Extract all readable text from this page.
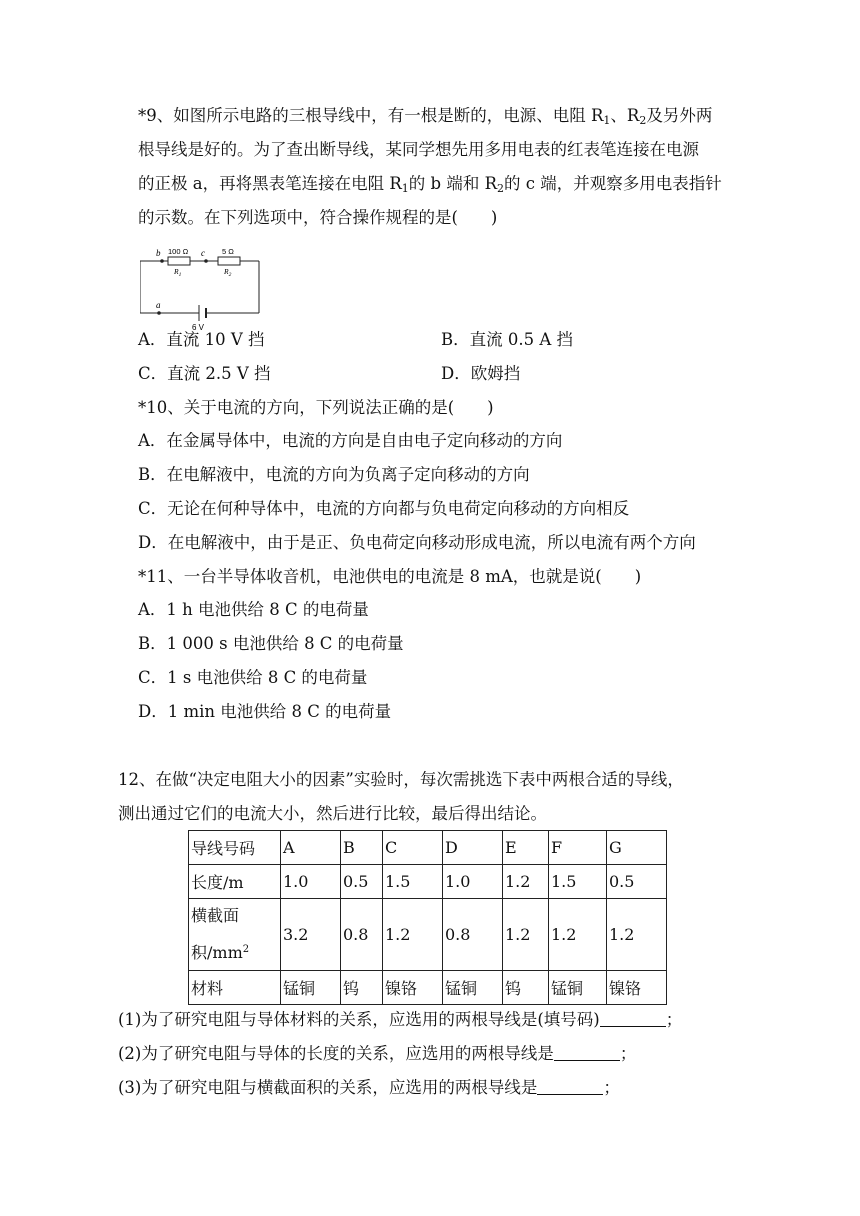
*9、如图所示电路的三根导线中，有一根是断的，电源、电阻 $R_1$、$R_2$及另外两
根导线是好的。为了查出断导线，某同学想先用多用电表的红表笔连接在电源
的正极 a，再将黑表笔连接在电阻 $R_1$的 b 端和 $R_2$的 c 端，并观察多用电表指针
的示数。在下列选项中，符合操作规程的是(　　)
b	c
a
100 Ω	5 Ω
$R_1$	$R_2$
6 V
A．直流 10 V 挡	B．直流 0.5 A 挡
C．直流 2.5 V 挡	D．欧姆挡
*10、关于电流的方向，下列说法正确的是(　　)
A．在金属导体中，电流的方向是自由电子定向移动的方向
B．在电解液中，电流的方向为负离子定向移动的方向
C．无论在何种导体中，电流的方向都与负电荷定向移动的方向相反
D．在电解液中，由于是正、负电荷定向移动形成电流，所以电流有两个方向
*11、一台半导体收音机，电池供电的电流是 8 mA，也就是说(　　)
A．1 h 电池供给 8 C 的电荷量
B．1 000 s 电池供给 8 C 的电荷量
C．1 s 电池供给 8 C 的电荷量
D．1 min 电池供给 8 C 的电荷量
12、在做“决定电阻大小的因素”实验时，每次需挑选下表中两根合适的导线，
测出通过它们的电流大小，然后进行比较，最后得出结论。
导线号码	A	B	C	D	E	F	G
长度/m	1.0	0.5	1.5	1.0	1.2	1.5	0.5
横截面
积$/mm^2$	3.2	0.8	1.2	0.8	1.2	1.2	1.2
材料	锰铜	钨	镍铬	锰铜	钨	锰铜	镍铬
(1)为了研究电阻与导体材料的关系，应选用的两根导线是(填号码)	；
(2)为了研究电阻与导体的长度的关系，应选用的两根导线是	；
(3)为了研究电阻与横截面积的关系，应选用的两根导线是	；
